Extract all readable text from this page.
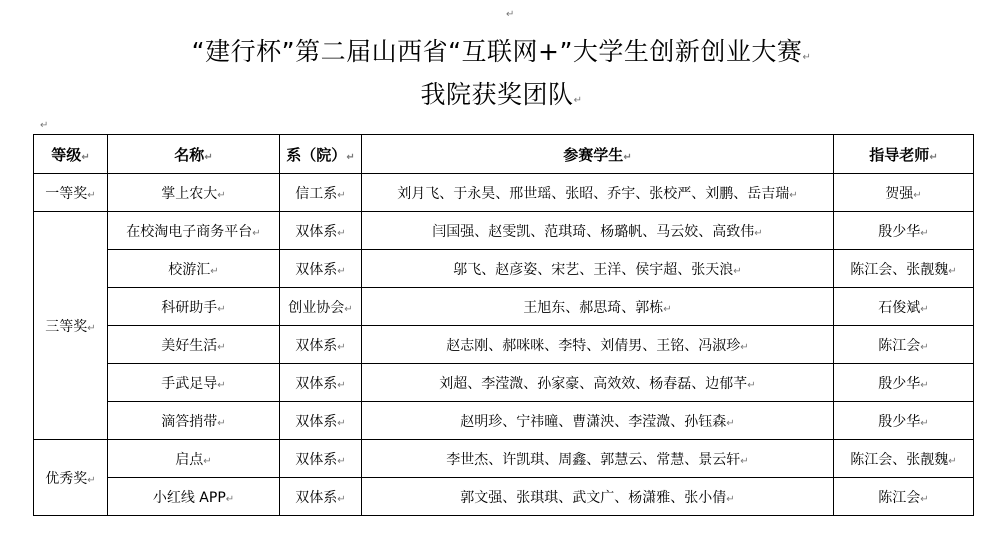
↵
“建行杯”第二届山西省“互联网+”大学生创新创业大赛↵
我院获奖团队↵
↵
等级↵	名称↵	系（院）↵	参赛学生↵	指导老师↵
一等奖↵	掌上农大↵	信工系↵	刘月飞、于永昊、邢世瑶、张昭、乔宇、张校严、刘鹏、岳吉瑞↵	贺强↵
三等奖↵	在校淘电子商务平台↵	双体系↵	闫国强、赵雯凯、范琪琦、杨璐帆、马云姣、高致伟↵	殷少华↵
	校游汇↵	双体系↵	邬飞、赵彦姿、宋艺、王洋、侯宇超、张天浪↵	陈江会、张靓魏↵
	科研助手↵	创业协会↵	王旭东、郝思琦、郭栋↵	石俊斌↵
	美好生活↵	双体系↵	赵志刚、郝咪咪、李特、刘倩男、王铭、冯淑珍↵	陈江会↵
	手武足导↵	双体系↵	刘超、李滢溦、孙家豪、高效效、杨春磊、边郁芊↵	殷少华↵
	滴答捎带↵	双体系↵	赵明珍、宁祎曈、曹潇泱、李滢溦、孙钰森↵	殷少华↵
优秀奖↵	启点↵	双体系↵	李世杰、许凯琪、周鑫、郭慧云、常慧、景云轩↵	陈江会、张靓魏↵
	小红线 APP↵	双体系↵	郭文强、张琪琪、武文广、杨潇雅、张小倩↵	陈江会↵
